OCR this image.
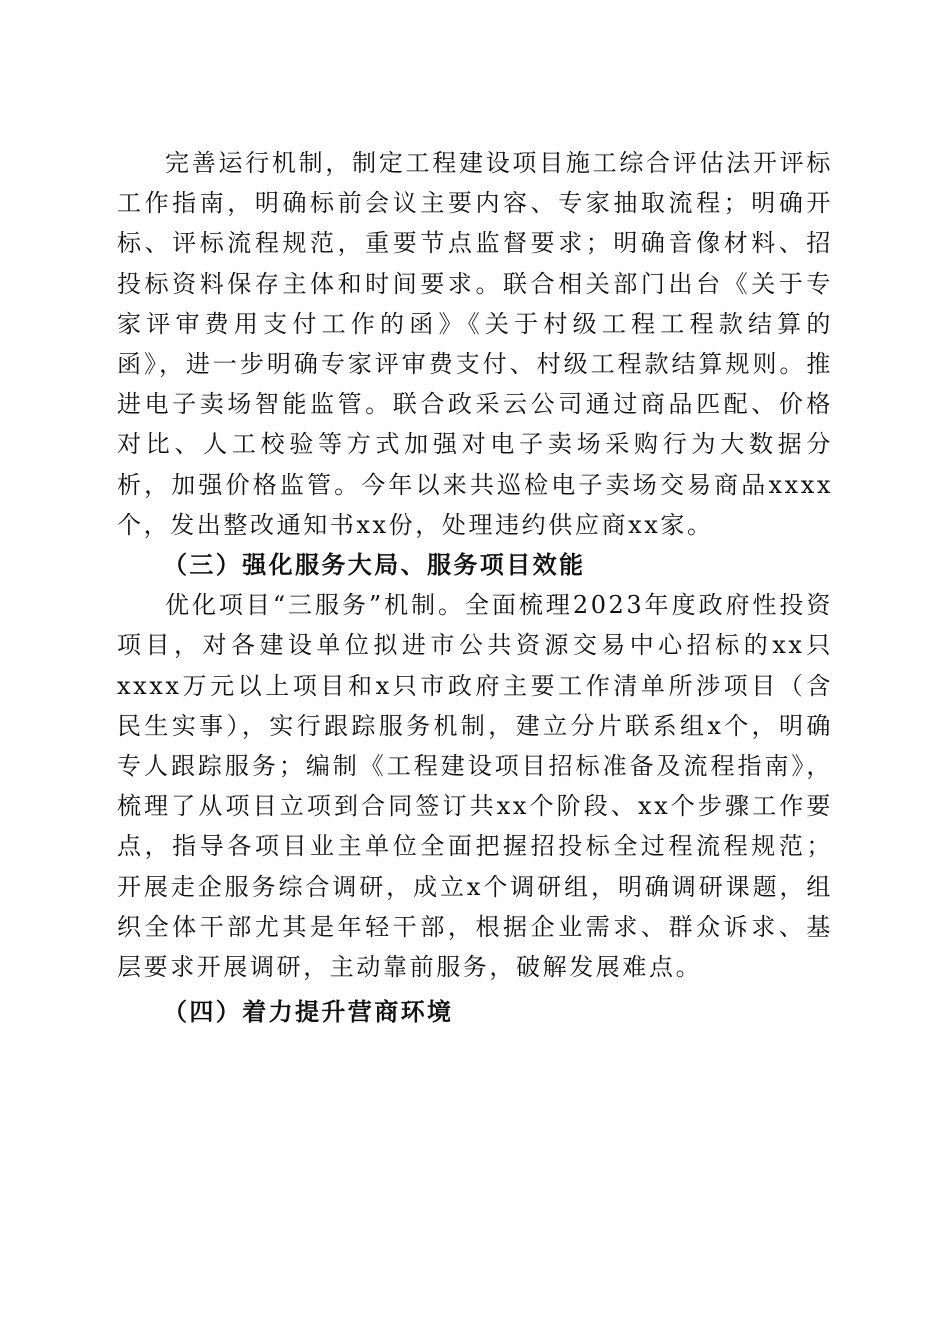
完善运行机制，制定工程建设项目施工综合评估法开评标工作指南，明确标前会议主要内容、专家抽取流程；明确开标、评标流程规范，重要节点监督要求；明确音像材料、招投标资料保存主体和时间要求。联合相关部门出台《关于专家评审费用支付工作的函》《关于村级工程工程款结算的函》，进一步明确专家评审费支付、村级工程款结算规则。推进电子卖场智能监管。联合政采云公司通过商品匹配、价格对比、人工校验等方式加强对电子卖场采购行为大数据分析，加强价格监管。今年以来共巡检电子卖场交易商品xxxx个，发出整改通知书xx份，处理违约供应商xx家。

（三）强化服务大局、服务项目效能

优化项目“三服务”机制。全面梳理2023年度政府性投资项目，对各建设单位拟进市公共资源交易中心招标的xx只xxxx万元以上项目和x只市政府主要工作清单所涉项目（含民生实事），实行跟踪服务机制，建立分片联系组x个，明确专人跟踪服务；编制《工程建设项目招标准备及流程指南》，梳理了从项目立项到合同签订共xx个阶段、xx个步骤工作要点，指导各项目业主单位全面把握招投标全过程流程规范；开展走企服务综合调研，成立x个调研组，明确调研课题，组织全体干部尤其是年轻干部，根据企业需求、群众诉求、基层要求开展调研，主动靠前服务，破解发展难点。

（四）着力提升营商环境
